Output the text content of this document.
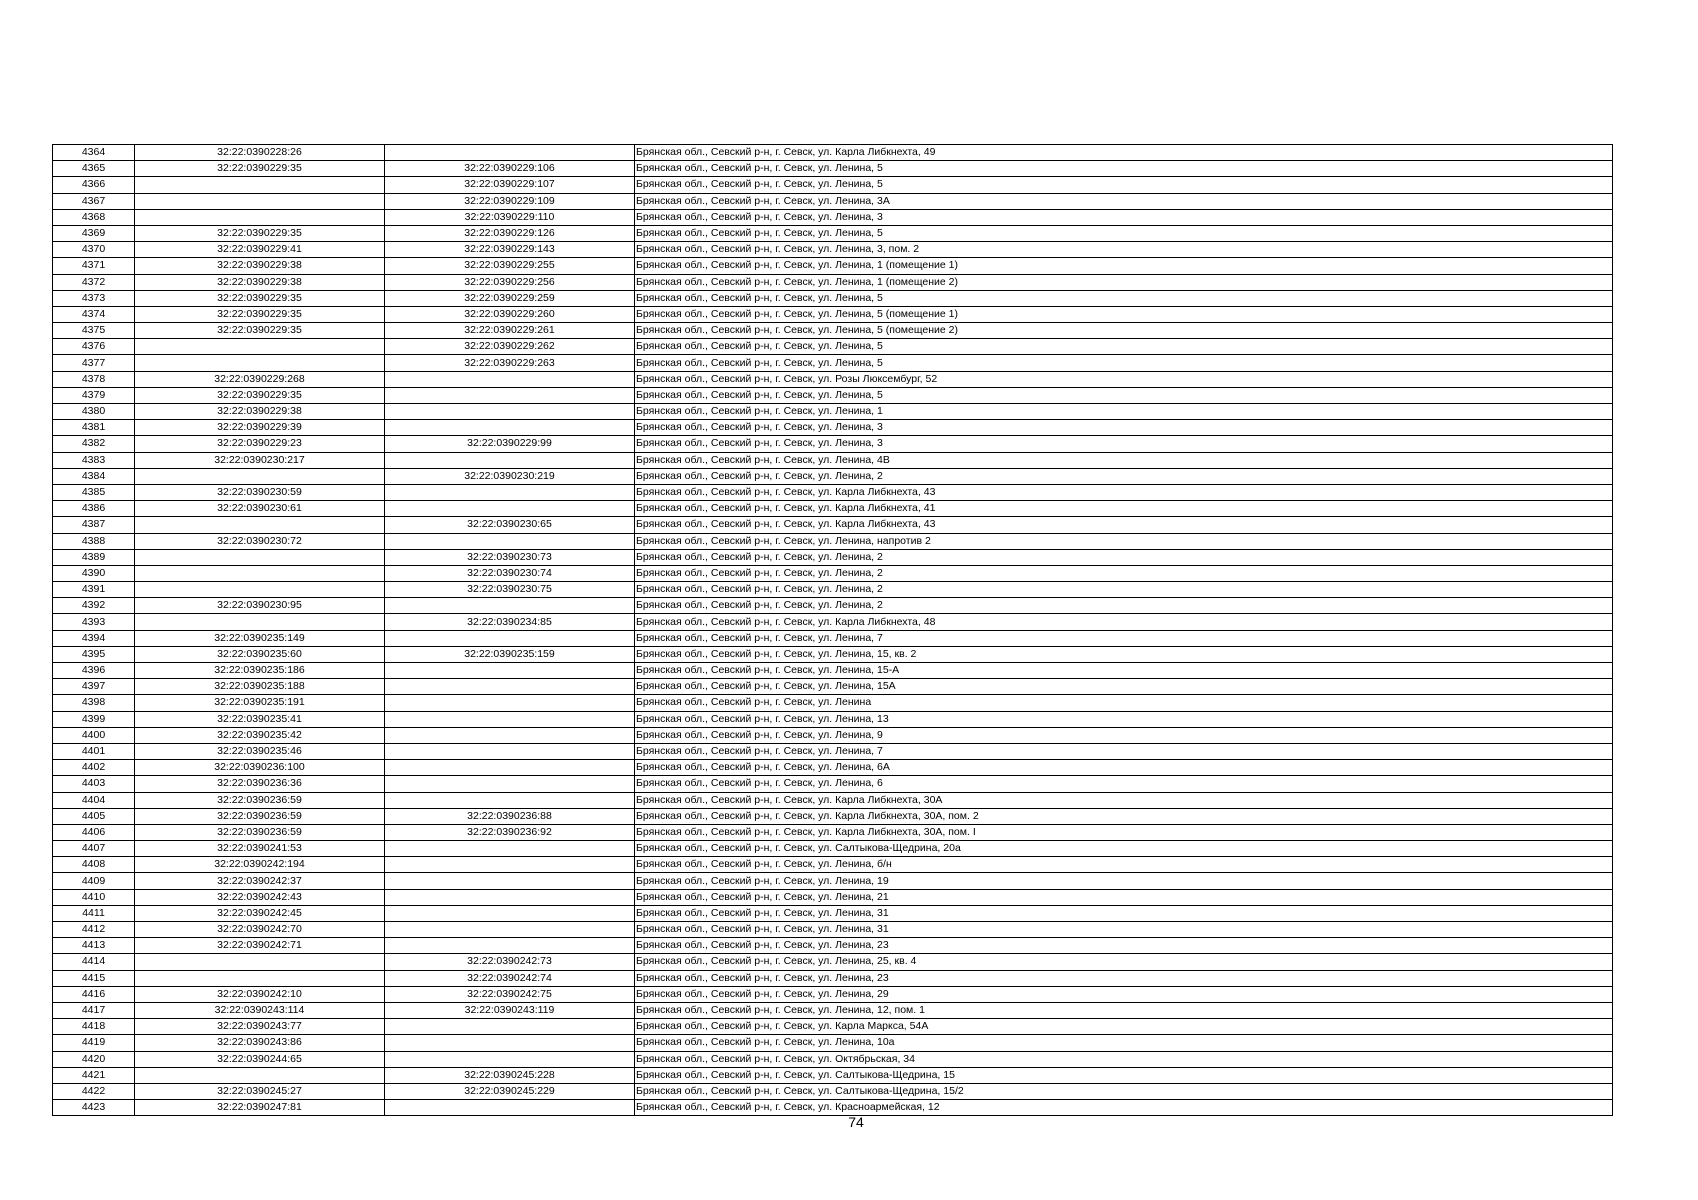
4364	32:22:0390228:26		Брянская обл., Севский р-н, г. Севск, ул. Карла Либкнехта, 49
4365	32:22:0390229:35	32:22:0390229:106	Брянская обл., Севский р-н, г. Севск, ул. Ленина, 5
4366		32:22:0390229:107	Брянская обл., Севский р-н, г. Севск, ул. Ленина, 5
4367		32:22:0390229:109	Брянская обл., Севский р-н, г. Севск, ул. Ленина, 3А
4368		32:22:0390229:110	Брянская обл., Севский р-н, г. Севск, ул. Ленина, 3
4369	32:22:0390229:35	32:22:0390229:126	Брянская обл., Севский р-н, г. Севск, ул. Ленина, 5
4370	32:22:0390229:41	32:22:0390229:143	Брянская обл., Севский р-н, г. Севск, ул. Ленина, 3, пом. 2
4371	32:22:0390229:38	32:22:0390229:255	Брянская обл., Севский р-н, г. Севск, ул. Ленина, 1 (помещение 1)
4372	32:22:0390229:38	32:22:0390229:256	Брянская обл., Севский р-н, г. Севск, ул. Ленина, 1 (помещение 2)
4373	32:22:0390229:35	32:22:0390229:259	Брянская обл., Севский р-н, г. Севск, ул. Ленина, 5
4374	32:22:0390229:35	32:22:0390229:260	Брянская обл., Севский р-н, г. Севск, ул. Ленина, 5 (помещение 1)
4375	32:22:0390229:35	32:22:0390229:261	Брянская обл., Севский р-н, г. Севск, ул. Ленина, 5 (помещение 2)
4376		32:22:0390229:262	Брянская обл., Севский р-н, г. Севск, ул. Ленина, 5
4377		32:22:0390229:263	Брянская обл., Севский р-н, г. Севск, ул. Ленина, 5
4378	32:22:0390229:268		Брянская обл., Севский р-н, г. Севск, ул. Розы Люксембург, 52
4379	32:22:0390229:35		Брянская обл., Севский р-н, г. Севск, ул. Ленина, 5
4380	32:22:0390229:38		Брянская обл., Севский р-н, г. Севск, ул. Ленина, 1
4381	32:22:0390229:39		Брянская обл., Севский р-н, г. Севск, ул. Ленина, 3
4382	32:22:0390229:23	32:22:0390229:99	Брянская обл., Севский р-н, г. Севск, ул. Ленина, 3
4383	32:22:0390230:217		Брянская обл., Севский р-н, г. Севск, ул. Ленина, 4В
4384		32:22:0390230:219	Брянская обл., Севский р-н, г. Севск, ул. Ленина, 2
4385	32:22:0390230:59		Брянская обл., Севский р-н, г. Севск, ул. Карла Либкнехта, 43
4386	32:22:0390230:61		Брянская обл., Севский р-н, г. Севск, ул. Карла Либкнехта, 41
4387		32:22:0390230:65	Брянская обл., Севский р-н, г. Севск, ул. Карла Либкнехта, 43
4388	32:22:0390230:72		Брянская обл., Севский р-н, г. Севск, ул. Ленина, напротив 2
4389		32:22:0390230:73	Брянская обл., Севский р-н, г. Севск, ул. Ленина, 2
4390		32:22:0390230:74	Брянская обл., Севский р-н, г. Севск, ул. Ленина, 2
4391		32:22:0390230:75	Брянская обл., Севский р-н, г. Севск, ул. Ленина, 2
4392	32:22:0390230:95		Брянская обл., Севский р-н, г. Севск, ул. Ленина, 2
4393		32:22:0390234:85	Брянская обл., Севский р-н, г. Севск, ул. Карла Либкнехта, 48
4394	32:22:0390235:149		Брянская обл., Севский р-н, г. Севск, ул. Ленина, 7
4395	32:22:0390235:60	32:22:0390235:159	Брянская обл., Севский р-н, г. Севск, ул. Ленина, 15, кв. 2
4396	32:22:0390235:186		Брянская обл., Севский р-н, г. Севск, ул. Ленина, 15-А
4397	32:22:0390235:188		Брянская обл., Севский р-н, г. Севск, ул. Ленина, 15А
4398	32:22:0390235:191		Брянская обл., Севский р-н, г. Севск, ул. Ленина
4399	32:22:0390235:41		Брянская обл., Севский р-н, г. Севск, ул. Ленина, 13
4400	32:22:0390235:42		Брянская обл., Севский р-н, г. Севск, ул. Ленина, 9
4401	32:22:0390235:46		Брянская обл., Севский р-н, г. Севск, ул. Ленина, 7
4402	32:22:0390236:100		Брянская обл., Севский р-н, г. Севск, ул. Ленина, 6А
4403	32:22:0390236:36		Брянская обл., Севский р-н, г. Севск, ул. Ленина, 6
4404	32:22:0390236:59		Брянская обл., Севский р-н, г. Севск, ул. Карла Либкнехта, 30А
4405	32:22:0390236:59	32:22:0390236:88	Брянская обл., Севский р-н, г. Севск, ул. Карла Либкнехта, 30А, пом. 2
4406	32:22:0390236:59	32:22:0390236:92	Брянская обл., Севский р-н, г. Севск, ул. Карла Либкнехта, 30А, пом. I
4407	32:22:0390241:53		Брянская обл., Севский р-н, г. Севск, ул. Салтыкова-Щедрина, 20а
4408	32:22:0390242:194		Брянская обл., Севский р-н, г. Севск, ул. Ленина, б/н
4409	32:22:0390242:37		Брянская обл., Севский р-н, г. Севск, ул. Ленина, 19
4410	32:22:0390242:43		Брянская обл., Севский р-н, г. Севск, ул. Ленина, 21
4411	32:22:0390242:45		Брянская обл., Севский р-н, г. Севск, ул. Ленина, 31
4412	32:22:0390242:70		Брянская обл., Севский р-н, г. Севск, ул. Ленина, 31
4413	32:22:0390242:71		Брянская обл., Севский р-н, г. Севск, ул. Ленина, 23
4414		32:22:0390242:73	Брянская обл., Севский р-н, г. Севск, ул. Ленина, 25, кв. 4
4415		32:22:0390242:74	Брянская обл., Севский р-н, г. Севск, ул. Ленина, 23
4416	32:22:0390242:10	32:22:0390242:75	Брянская обл., Севский р-н, г. Севск, ул. Ленина, 29
4417	32:22:0390243:114	32:22:0390243:119	Брянская обл., Севский р-н, г. Севск, ул. Ленина, 12, пом. 1
4418	32:22:0390243:77		Брянская обл., Севский р-н, г. Севск, ул. Карла Маркса, 54А
4419	32:22:0390243:86		Брянская обл., Севский р-н, г. Севск, ул. Ленина, 10а
4420	32:22:0390244:65		Брянская обл., Севский р-н, г. Севск, ул. Октябрьская, 34
4421		32:22:0390245:228	Брянская обл., Севский р-н, г. Севск, ул. Салтыкова-Щедрина, 15
4422	32:22:0390245:27	32:22:0390245:229	Брянская обл., Севский р-н, г. Севск, ул. Салтыкова-Щедрина, 15/2
4423	32:22:0390247:81		Брянская обл., Севский р-н, г. Севск, ул. Красноармейская, 12
74
